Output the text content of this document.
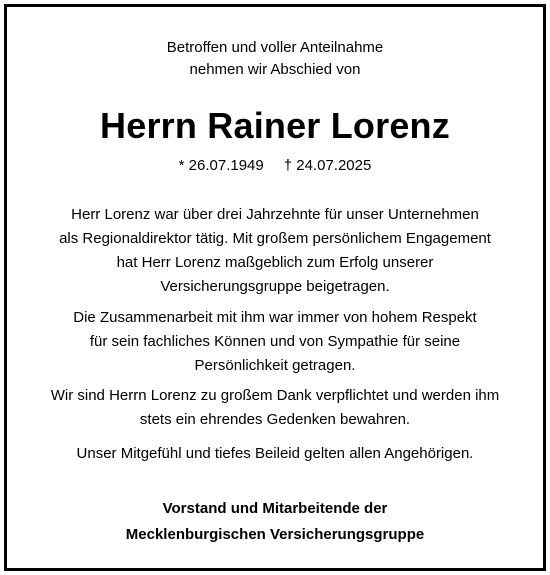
Betroffen und voller Anteilnahme
nehmen wir Abschied von
Herrn Rainer Lorenz
* 26.07.1949 † 24.07.2025
Herr Lorenz war über drei Jahrzehnte für unser Unternehmen
als Regionaldirektor tätig. Mit großem persönlichem Engagement
hat Herr Lorenz maßgeblich zum Erfolg unserer
Versicherungsgruppe beigetragen.
Die Zusammenarbeit mit ihm war immer von hohem Respekt
für sein fachliches Können und von Sympathie für seine
Persönlichkeit getragen.
Wir sind Herrn Lorenz zu großem Dank verpflichtet und werden ihm
stets ein ehrendes Gedenken bewahren.
Unser Mitgefühl und tiefes Beileid gelten allen Angehörigen.
Vorstand und Mitarbeitende der
Mecklenburgischen Versicherungsgruppe
